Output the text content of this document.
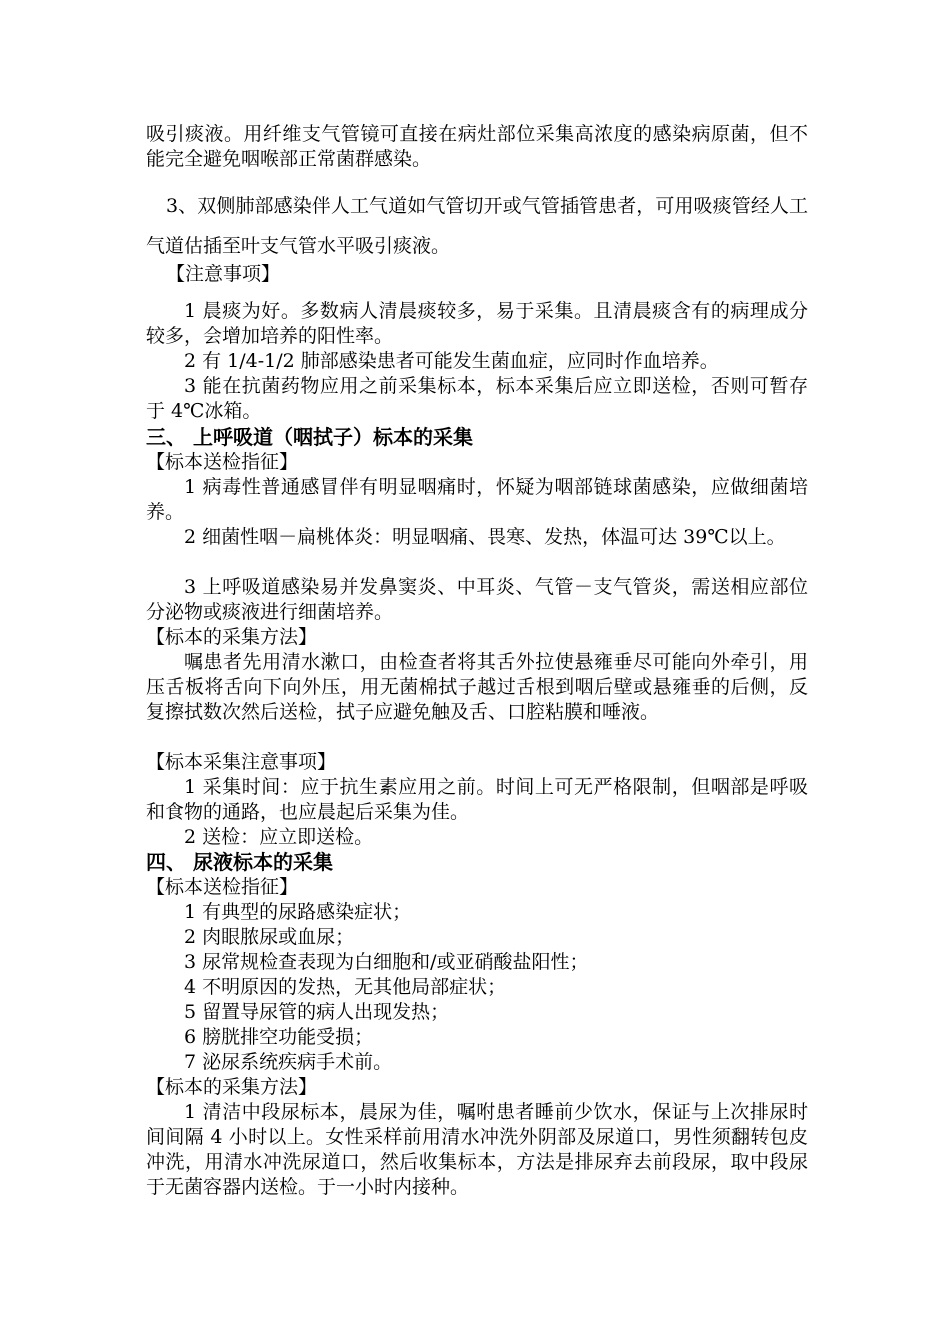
吸引痰液。用纤维支气管镜可直接在病灶部位采集高浓度的感染病原菌，但不能完全避免咽喉部正常菌群感染。

3、双侧肺部感染伴人工气道如气管切开或气管插管患者，可用吸痰管经人工气道估插至叶支气管水平吸引痰液。

【注意事项】

1 晨痰为好。多数病人清晨痰较多，易于采集。且清晨痰含有的病理成分较多，会增加培养的阳性率。

2 有 1/4-1/2 肺部感染患者可能发生菌血症，应同时作血培养。

3 能在抗菌药物应用之前采集标本，标本采集后应立即送检，否则可暂存于 4℃冰箱。

三、 上呼吸道（咽拭子）标本的采集

【标本送检指征】

1 病毒性普通感冒伴有明显咽痛时，怀疑为咽部链球菌感染，应做细菌培养。

2 细菌性咽－扁桃体炎：明显咽痛、畏寒、发热，体温可达 39℃以上。

3 上呼吸道感染易并发鼻窦炎、中耳炎、气管－支气管炎，需送相应部位分泌物或痰液进行细菌培养。

【标本的采集方法】

嘱患者先用清水漱口，由检查者将其舌外拉使悬雍垂尽可能向外牵引，用压舌板将舌向下向外压，用无菌棉拭子越过舌根到咽后壁或悬雍垂的后侧，反复擦拭数次然后送检，拭子应避免触及舌、口腔粘膜和唾液。

【标本采集注意事项】

1 采集时间：应于抗生素应用之前。时间上可无严格限制，但咽部是呼吸和食物的通路，也应晨起后采集为佳。

2 送检：应立即送检。

四、 尿液标本的采集

【标本送检指征】

1 有典型的尿路感染症状；

2 肉眼脓尿或血尿；

3 尿常规检查表现为白细胞和/或亚硝酸盐阳性；

4 不明原因的发热，无其他局部症状；

5 留置导尿管的病人出现发热；

6 膀胱排空功能受损；

7 泌尿系统疾病手术前。

【标本的采集方法】

1 清洁中段尿标本，晨尿为佳，嘱咐患者睡前少饮水，保证与上次排尿时间间隔 4 小时以上。女性采样前用清水冲洗外阴部及尿道口，男性须翻转包皮冲洗，用清水冲洗尿道口，然后收集标本，方法是排尿弃去前段尿，取中段尿于无菌容器内送检。于一小时内接种。
